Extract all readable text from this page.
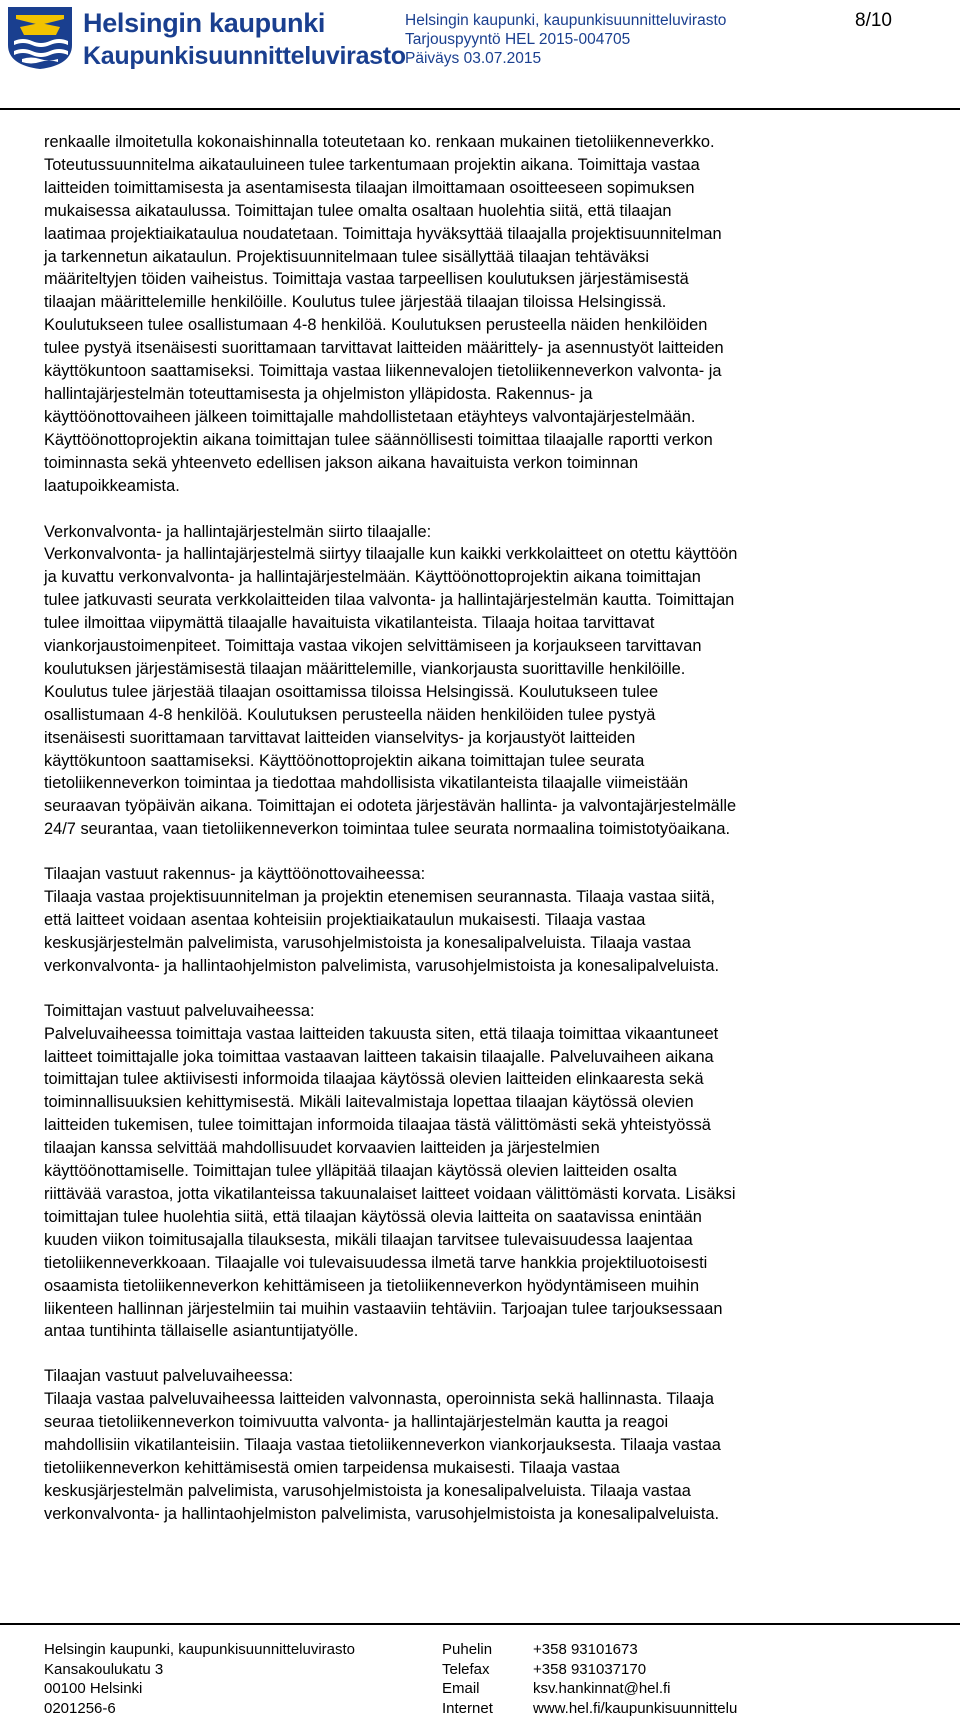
Helsingin kaupunki
Kaupunkisuunnitteluvirasto
Helsingin kaupunki, kaupunkisuunnitteluvirasto
Tarjouspyyntö HEL 2015-004705
Päiväys 03.07.2015
8/10

renkaalle ilmoitetulla kokonaishinnalla toteutetaan ko. renkaan mukainen tietoliikenneverkko.
Toteutussuunnitelma aikatauluineen tulee tarkentumaan projektin aikana. Toimittaja vastaa
laitteiden toimittamisesta ja asentamisesta tilaajan ilmoittamaan osoitteeseen sopimuksen
mukaisessa aikataulussa. Toimittajan tulee omalta osaltaan huolehtia siitä, että tilaajan
laatimaa projektiaikataulua noudatetaan. Toimittaja hyväksyttää tilaajalla projektisuunnitelman
ja tarkennetun aikataulun. Projektisuunnitelmaan tulee sisällyttää tilaajan tehtäväksi
määriteltyjen töiden vaiheistus. Toimittaja vastaa tarpeellisen koulutuksen järjestämisestä
tilaajan määrittelemille henkilöille. Koulutus tulee järjestää tilaajan tiloissa Helsingissä.
Koulutukseen tulee osallistumaan 4-8 henkilöä. Koulutuksen perusteella näiden henkilöiden
tulee pystyä itsenäisesti suorittamaan tarvittavat laitteiden määrittely- ja asennustyöt laitteiden
käyttökuntoon saattamiseksi. Toimittaja vastaa liikennevalojen tietoliikenneverkon valvonta- ja
hallintajärjestelmän toteuttamisesta ja ohjelmiston ylläpidosta. Rakennus- ja
käyttöönottovaiheen jälkeen toimittajalle mahdollistetaan etäyhteys valvontajärjestelmään.
Käyttöönottoprojektin aikana toimittajan tulee säännöllisesti toimittaa tilaajalle raportti verkon
toiminnasta sekä yhteenveto edellisen jakson aikana havaituista verkon toiminnan
laatupoikkeamista.

Verkonvalvonta- ja hallintajärjestelmän siirto tilaajalle:
Verkonvalvonta- ja hallintajärjestelmä siirtyy tilaajalle kun kaikki verkkolaitteet on otettu käyttöön
ja kuvattu verkonvalvonta- ja hallintajärjestelmään. Käyttöönottoprojektin aikana toimittajan
tulee jatkuvasti seurata verkkolaitteiden tilaa valvonta- ja hallintajärjestelmän kautta. Toimittajan
tulee ilmoittaa viipymättä tilaajalle havaituista vikatilanteista. Tilaaja hoitaa tarvittavat
viankorjaustoimenpiteet. Toimittaja vastaa vikojen selvittämiseen ja korjaukseen tarvittavan
koulutuksen järjestämisestä tilaajan määrittelemille, viankorjausta suorittaville henkilöille.
Koulutus tulee järjestää tilaajan osoittamissa tiloissa Helsingissä. Koulutukseen tulee
osallistumaan 4-8 henkilöä. Koulutuksen perusteella näiden henkilöiden tulee pystyä
itsenäisesti suorittamaan tarvittavat laitteiden vianselvitys- ja korjaustyöt laitteiden
käyttökuntoon saattamiseksi. Käyttöönottoprojektin aikana toimittajan tulee seurata
tietoliikenneverkon toimintaa ja tiedottaa mahdollisista vikatilanteista tilaajalle viimeistään
seuraavan työpäivän aikana. Toimittajan ei odoteta järjestävän hallinta- ja valvontajärjestelmälle
24/7 seurantaa, vaan tietoliikenneverkon toimintaa tulee seurata normaalina toimistotyöaikana.

Tilaajan vastuut rakennus- ja käyttöönottovaiheessa:
Tilaaja vastaa projektisuunnitelman ja projektin etenemisen seurannasta. Tilaaja vastaa siitä,
että laitteet voidaan asentaa kohteisiin projektiaikataulun mukaisesti. Tilaaja vastaa
keskusjärjestelmän palvelimista, varusohjelmistoista ja konesalipalveluista. Tilaaja vastaa
verkonvalvonta- ja hallintaohjelmiston palvelimista, varusohjelmistoista ja konesalipalveluista.

Toimittajan vastuut palveluvaiheessa:
Palveluvaiheessa toimittaja vastaa laitteiden takuusta siten, että tilaaja toimittaa vikaantuneet
laitteet toimittajalle joka toimittaa vastaavan laitteen takaisin tilaajalle. Palveluvaiheen aikana
toimittajan tulee aktiivisesti informoida tilaajaa käytössä olevien laitteiden elinkaaresta sekä
toiminnallisuuksien kehittymisestä. Mikäli laitevalmistaja lopettaa tilaajan käytössä olevien
laitteiden tukemisen, tulee toimittajan informoida tilaajaa tästä välittömästi sekä yhteistyössä
tilaajan kanssa selvittää mahdollisuudet korvaavien laitteiden ja järjestelmien
käyttöönottamiselle. Toimittajan tulee ylläpitää tilaajan käytössä olevien laitteiden osalta
riittävää varastoa, jotta vikatilanteissa takuunalaiset laitteet voidaan välittömästi korvata. Lisäksi
toimittajan tulee huolehtia siitä, että tilaajan käytössä olevia laitteita on saatavissa enintään
kuuden viikon toimitusajalla tilauksesta, mikäli tilaajan tarvitsee tulevaisuudessa laajentaa
tietoliikenneverkkoaan. Tilaajalle voi tulevaisuudessa ilmetä tarve hankkia projektiluotoisesti
osaamista tietoliikenneverkon kehittämiseen ja tietoliikenneverkon hyödyntämiseen muihin
liikenteen hallinnan järjestelmiin tai muihin vastaaviin tehtäviin. Tarjoajan tulee tarjouksessaan
antaa tuntihinta tällaiselle asiantuntijatyölle.

Tilaajan vastuut palveluvaiheessa:
Tilaaja vastaa palveluvaiheessa laitteiden valvonnasta, operoinnista sekä hallinnasta. Tilaaja
seuraa tietoliikenneverkon toimivuutta valvonta- ja hallintajärjestelmän kautta ja reagoi
mahdollisiin vikatilanteisiin. Tilaaja vastaa tietoliikenneverkon viankorjauksesta. Tilaaja vastaa
tietoliikenneverkon kehittämisestä omien tarpeidensa mukaisesti. Tilaaja vastaa
keskusjärjestelmän palvelimista, varusohjelmistoista ja konesalipalveluista. Tilaaja vastaa
verkonvalvonta- ja hallintaohjelmiston palvelimista, varusohjelmistoista ja konesalipalveluista.

Helsingin kaupunki, kaupunkisuunnitteluvirasto
Kansakoulukatu 3
00100 Helsinki
0201256-6
Puhelin
Telefax
Email
Internet
+358 93101673
+358 931037170
ksv.hankinnat@hel.fi
www.hel.fi/kaupunkisuunnittelu
